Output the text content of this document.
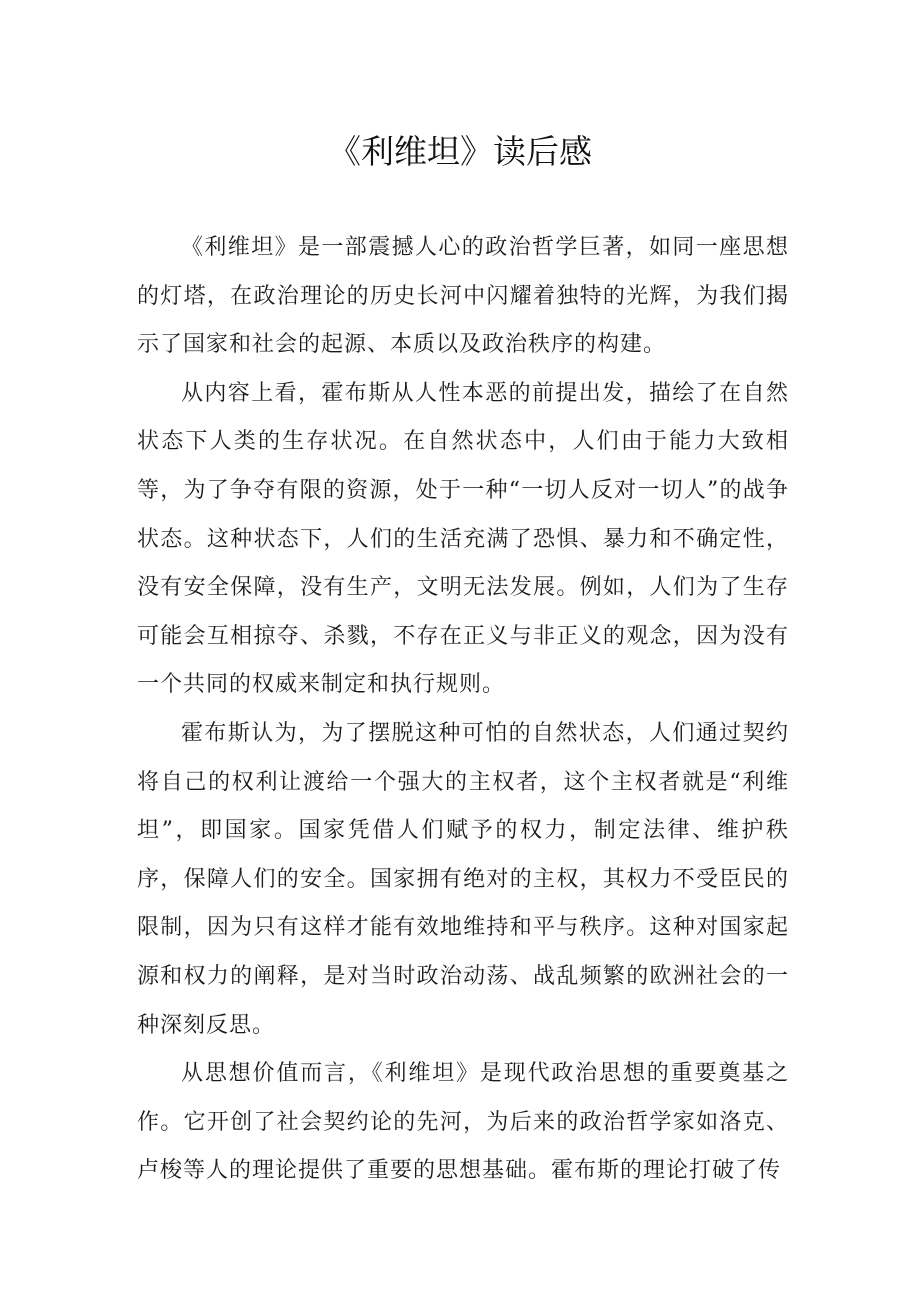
《利维坦》读后感

《利维坦》是一部震撼人心的政治哲学巨著，如同一座思想的灯塔，在政治理论的历史长河中闪耀着独特的光辉，为我们揭示了国家和社会的起源、本质以及政治秩序的构建。

从内容上看，霍布斯从人性本恶的前提出发，描绘了在自然状态下人类的生存状况。在自然状态中，人们由于能力大致相等，为了争夺有限的资源，处于一种“一切人反对一切人”的战争状态。这种状态下，人们的生活充满了恐惧、暴力和不确定性，没有安全保障，没有生产，文明无法发展。例如，人们为了生存可能会互相掠夺、杀戮，不存在正义与非正义的观念，因为没有一个共同的权威来制定和执行规则。

霍布斯认为，为了摆脱这种可怕的自然状态，人们通过契约将自己的权利让渡给一个强大的主权者，这个主权者就是“利维坦”，即国家。国家凭借人们赋予的权力，制定法律、维护秩序，保障人们的安全。国家拥有绝对的主权，其权力不受臣民的限制，因为只有这样才能有效地维持和平与秩序。这种对国家起源和权力的阐释，是对当时政治动荡、战乱频繁的欧洲社会的一种深刻反思。

从思想价值而言，《利维坦》是现代政治思想的重要奠基之作。它开创了社会契约论的先河，为后来的政治哲学家如洛克、卢梭等人的理论提供了重要的思想基础。霍布斯的理论打破了传
